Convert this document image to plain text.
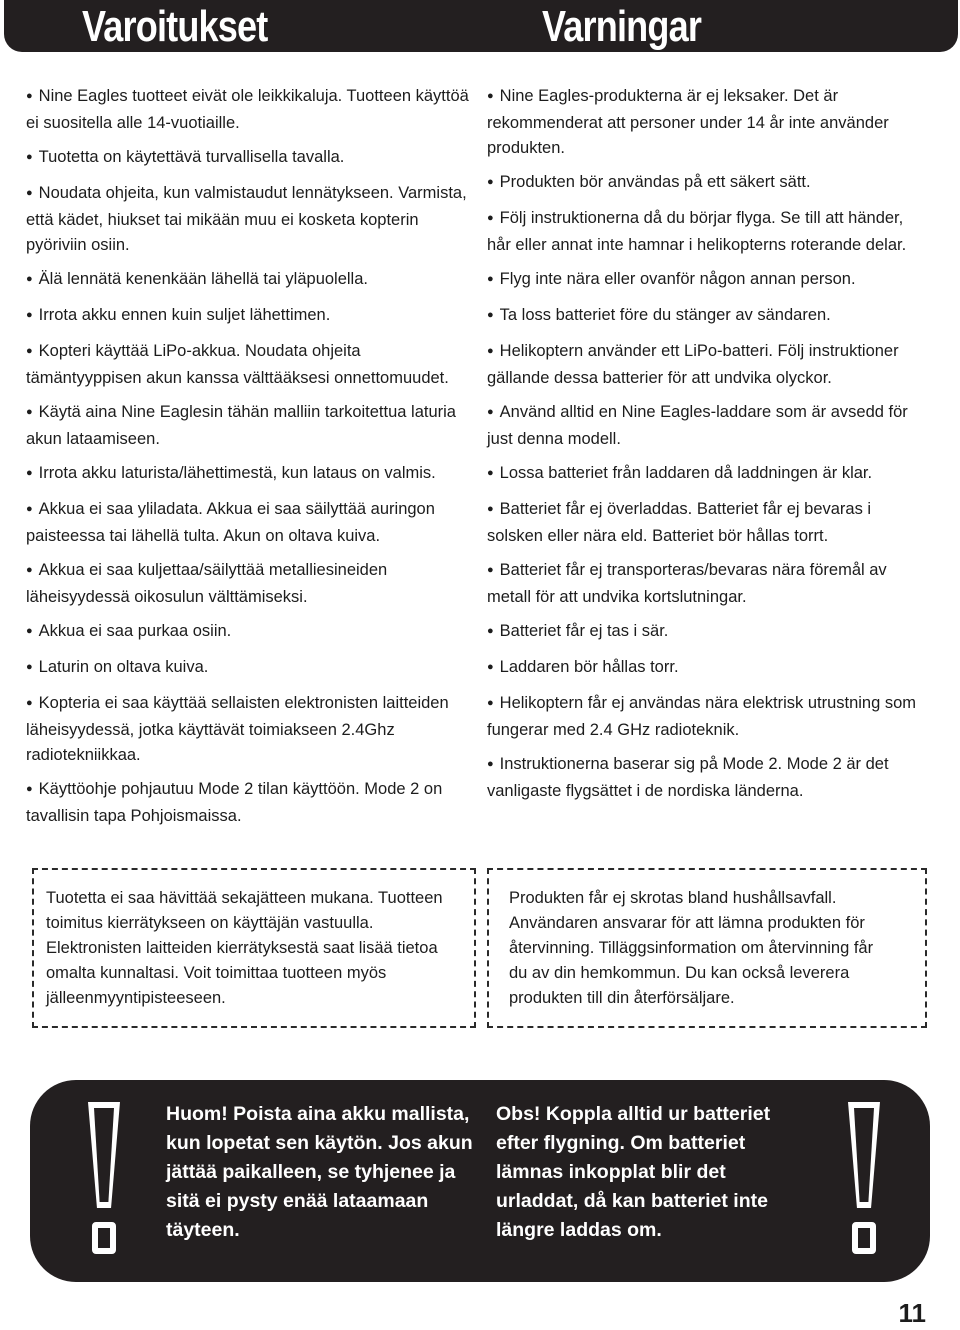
Varoitukset	Varningar
● Nine Eagles tuotteet eivät ole leikkikaluja. Tuotteen käyttöä ei suositella alle 14-vuotiaille.
● Tuotetta on käytettävä turvallisella tavalla.
● Noudata ohjeita, kun valmistaudut lennätykseen. Varmista, että kädet, hiukset tai mikään muu ei kosketa kopterin pyöriviin osiin.
● Älä lennätä kenenkään lähellä tai yläpuolella.
● Irrota akku ennen kuin suljet lähettimen.
● Kopteri käyttää LiPo-akkua. Noudata ohjeita tämäntyyppisen akun kanssa välttääksesi onnettomuudet.
● Käytä aina Nine Eaglesin tähän malliin tarkoitettua laturia akun lataamiseen.
● Irrota akku laturista/lähettimestä, kun lataus on valmis.
● Akkua ei saa yliladata. Akkua ei saa säilyttää auringon paisteessa tai lähellä tulta. Akun on oltava kuiva.
● Akkua ei saa kuljettaa/säilyttää metalliesineiden läheisyydessä oikosulun välttämiseksi.
● Akkua ei saa purkaa osiin.
● Laturin on oltava kuiva.
● Kopteria ei saa käyttää sellaisten elektronisten laitteiden läheisyydessä, jotka käyttävät toimiakseen 2.4Ghz radiotekniikkaa.
● Käyttöohje pohjautuu Mode 2 tilan käyttöön. Mode 2 on tavallisin tapa Pohjoismaissa.
● Nine Eagles-produkterna är ej leksaker. Det är rekommenderat att personer under 14 år inte använder produkten.
● Produkten bör användas på ett säkert sätt.
● Följ instruktionerna då du börjar flyga. Se till att händer, hår eller annat inte hamnar i helikopterns roterande delar.
● Flyg inte nära eller ovanför någon annan person.
● Ta loss batteriet före du stänger av sändaren.
● Helikoptern använder ett LiPo-batteri. Följ instruktioner gällande dessa batterier för att undvika olyckor.
● Använd alltid en Nine Eagles-laddare som är avsedd för just denna modell.
● Lossa batteriet från laddaren då laddningen är klar.
● Batteriet får ej överladdas. Batteriet får ej bevaras i solsken eller nära eld. Batteriet bör hållas torrt.
● Batteriet får ej transporteras/bevaras nära föremål av metall för att undvika kortslutningar.
● Batteriet får ej tas i sär.
● Laddaren bör hållas torr.
● Helikoptern får ej användas nära elektrisk utrustning som fungerar med 2.4 GHz radioteknik.
● Instruktionerna baserar sig på Mode 2. Mode 2 är det vanligaste flygsättet i de nordiska länderna.

Tuotetta ei saa hävittää sekajätteen mukana. Tuotteen toimitus kierrätykseen on käyttäjän vastuulla. Elektronisten laitteiden kierrätyksestä saat lisää tietoa omalta kunnaltasi. Voit toimittaa tuotteen myös jälleenmyyntipisteeseen.

Produkten får ej skrotas bland hushållsavfall. Användaren ansvarar för att lämna produkten för återvinning. Tilläggsinformation om återvinning får du av din hemkommun. Du kan också leverera produkten till din återförsäljare.

Huom! Poista aina akku mallista, kun lopetat sen käytön. Jos akun jättää paikalleen, se tyhjenee ja sitä ei pysty enää lataamaan täyteen.

Obs! Koppla alltid ur batteriet efter flygning. Om batteriet lämnas inkopplat blir det urladdat, då kan batteriet inte längre laddas om.

11
